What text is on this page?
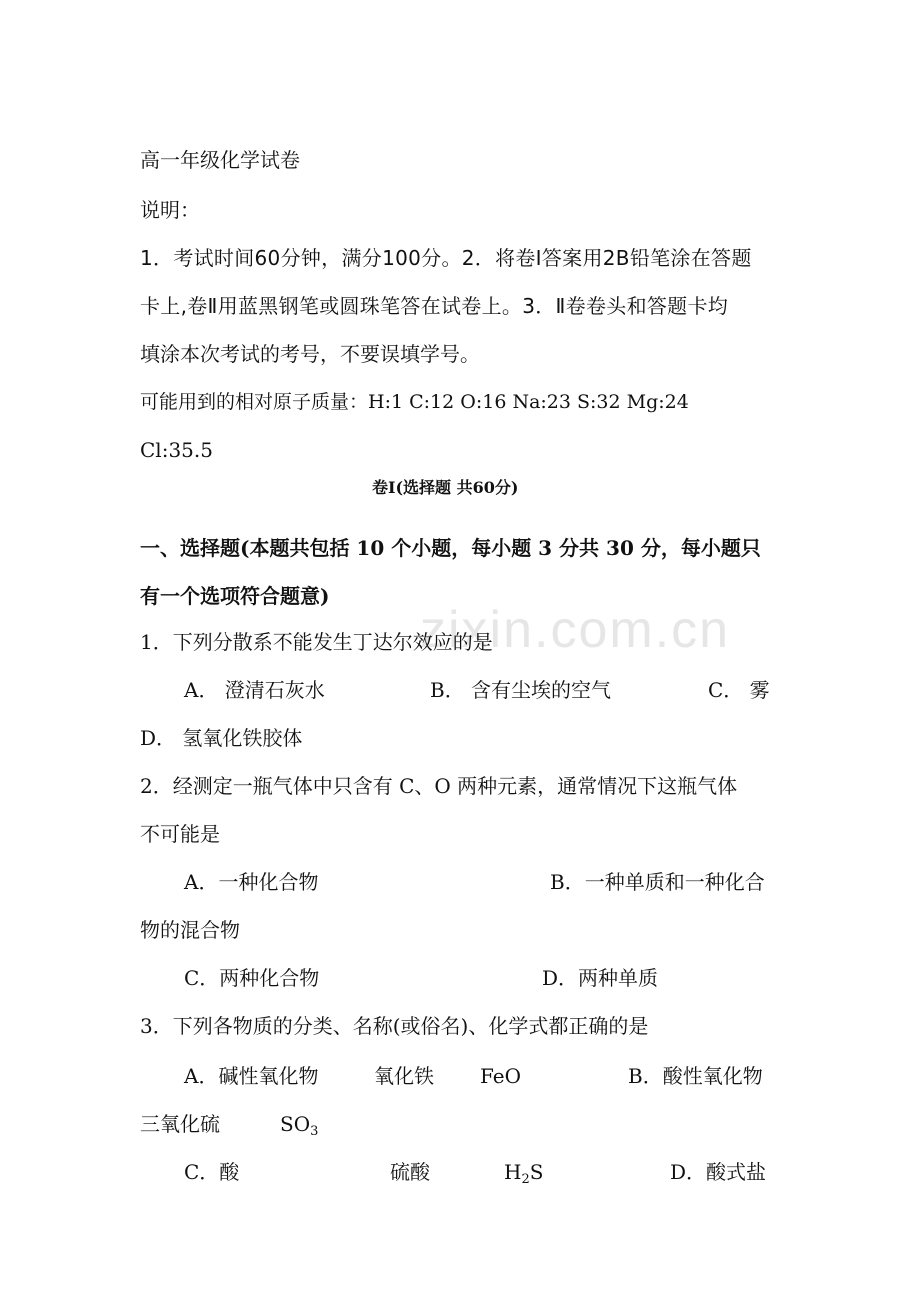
zixin.com.cn
高一年级化学试卷
说明：
1．考试时间60分钟，满分100分。2．将卷Ⅰ答案用2B铅笔涂在答题
卡上,卷Ⅱ用蓝黑钢笔或圆珠笔答在试卷上。3．Ⅱ卷卷头和答题卡均
填涂本次考试的考号，不要误填学号。
可能用到的相对原子质量：H:1 C:12 O:16 Na:23 S:32 Mg:24
Cl:35.5
卷Ⅰ(选择题 共60分)
一、选择题(本题共包括 10 个小题，每小题 3 分共 30 分，每小题只
有一个选项符合题意)
1．下列分散系不能发生丁达尔效应的是
A． 澄清石灰水	B． 含有尘埃的空气	C． 雾
D． 氢氧化铁胶体
2．经测定一瓶气体中只含有 C、O 两种元素，通常情况下这瓶气体
不可能是
A．一种化合物	B．一种单质和一种化合
物的混合物
C．两种化合物	D．两种单质
3．下列各物质的分类、名称(或俗名)、化学式都正确的是
A．碱性氧化物	氧化铁 FeO	B．酸性氧化物
三氧化硫	$SO_3$
C．酸	硫酸	$H_2S$	D．酸式盐
